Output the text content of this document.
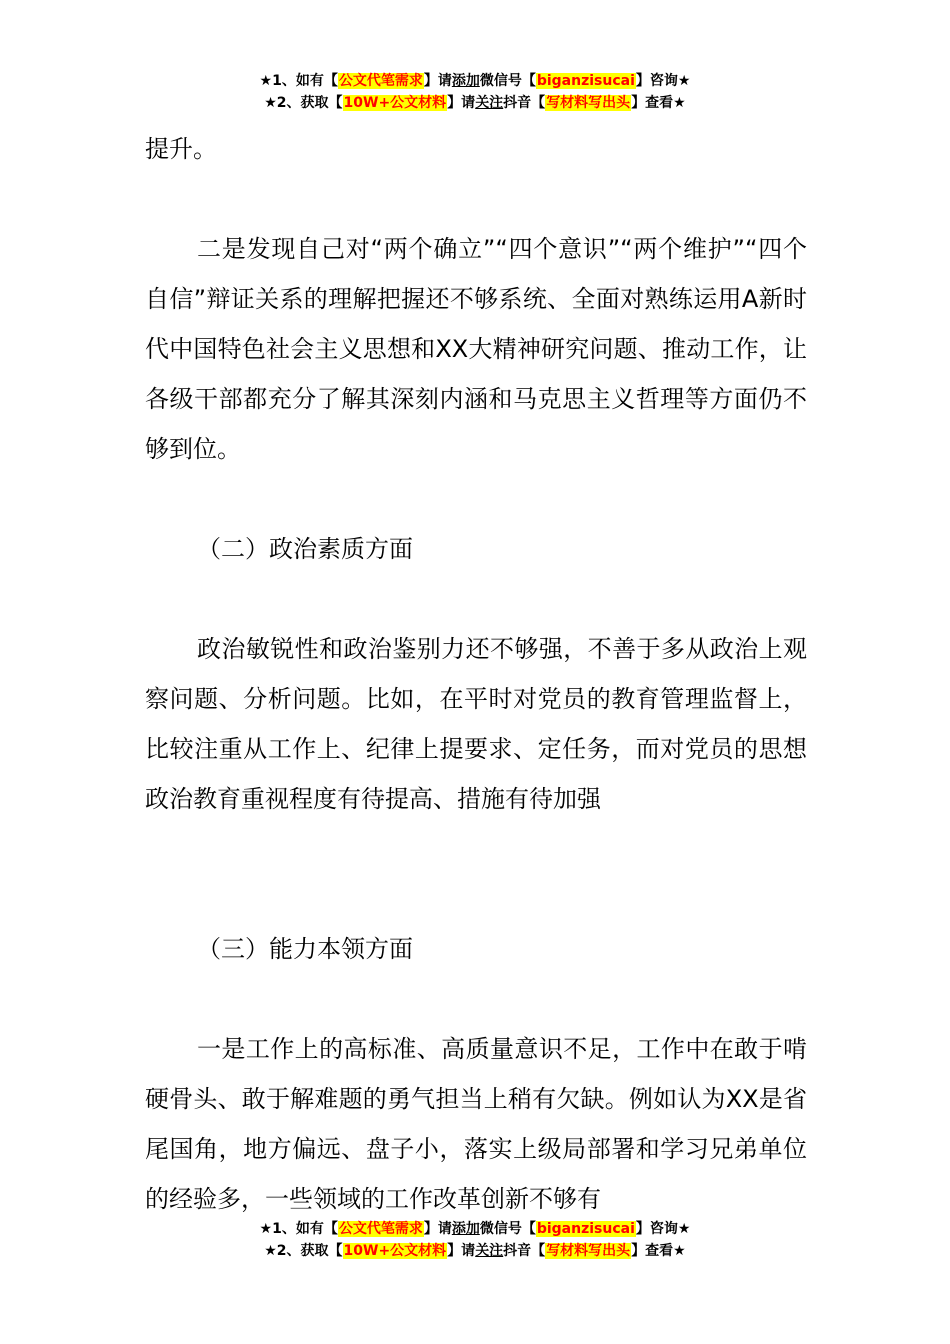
★1、如有【公文代笔需求】请添加微信号【biganzisucai】咨询★
★2、获取【10W+公文材料】请关注抖音【写材料写出头】查看★

提升。

二是发现自己对“两个确立”“四个意识”“两个维护”“四个自信”辩证关系的理解把握还不够系统、全面对熟练运用A新时代中国特色社会主义思想和XX大精神研究问题、推动工作，让各级干部都充分了解其深刻内涵和马克思主义哲理等方面仍不够到位。

（二）政治素质方面

政治敏锐性和政治鉴别力还不够强，不善于多从政治上观察问题、分析问题。比如，在平时对党员的教育管理监督上，比较注重从工作上、纪律上提要求、定任务，而对党员的思想政治教育重视程度有待提高、措施有待加强

（三）能力本领方面

一是工作上的高标准、高质量意识不足，工作中在敢于啃硬骨头、敢于解难题的勇气担当上稍有欠缺。例如认为XX是省尾国角，地方偏远、盘子小，落实上级局部署和学习兄弟单位的经验多，一些领域的工作改革创新不够有

★1、如有【公文代笔需求】请添加微信号【biganzisucai】咨询★
★2、获取【10W+公文材料】请关注抖音【写材料写出头】查看★
